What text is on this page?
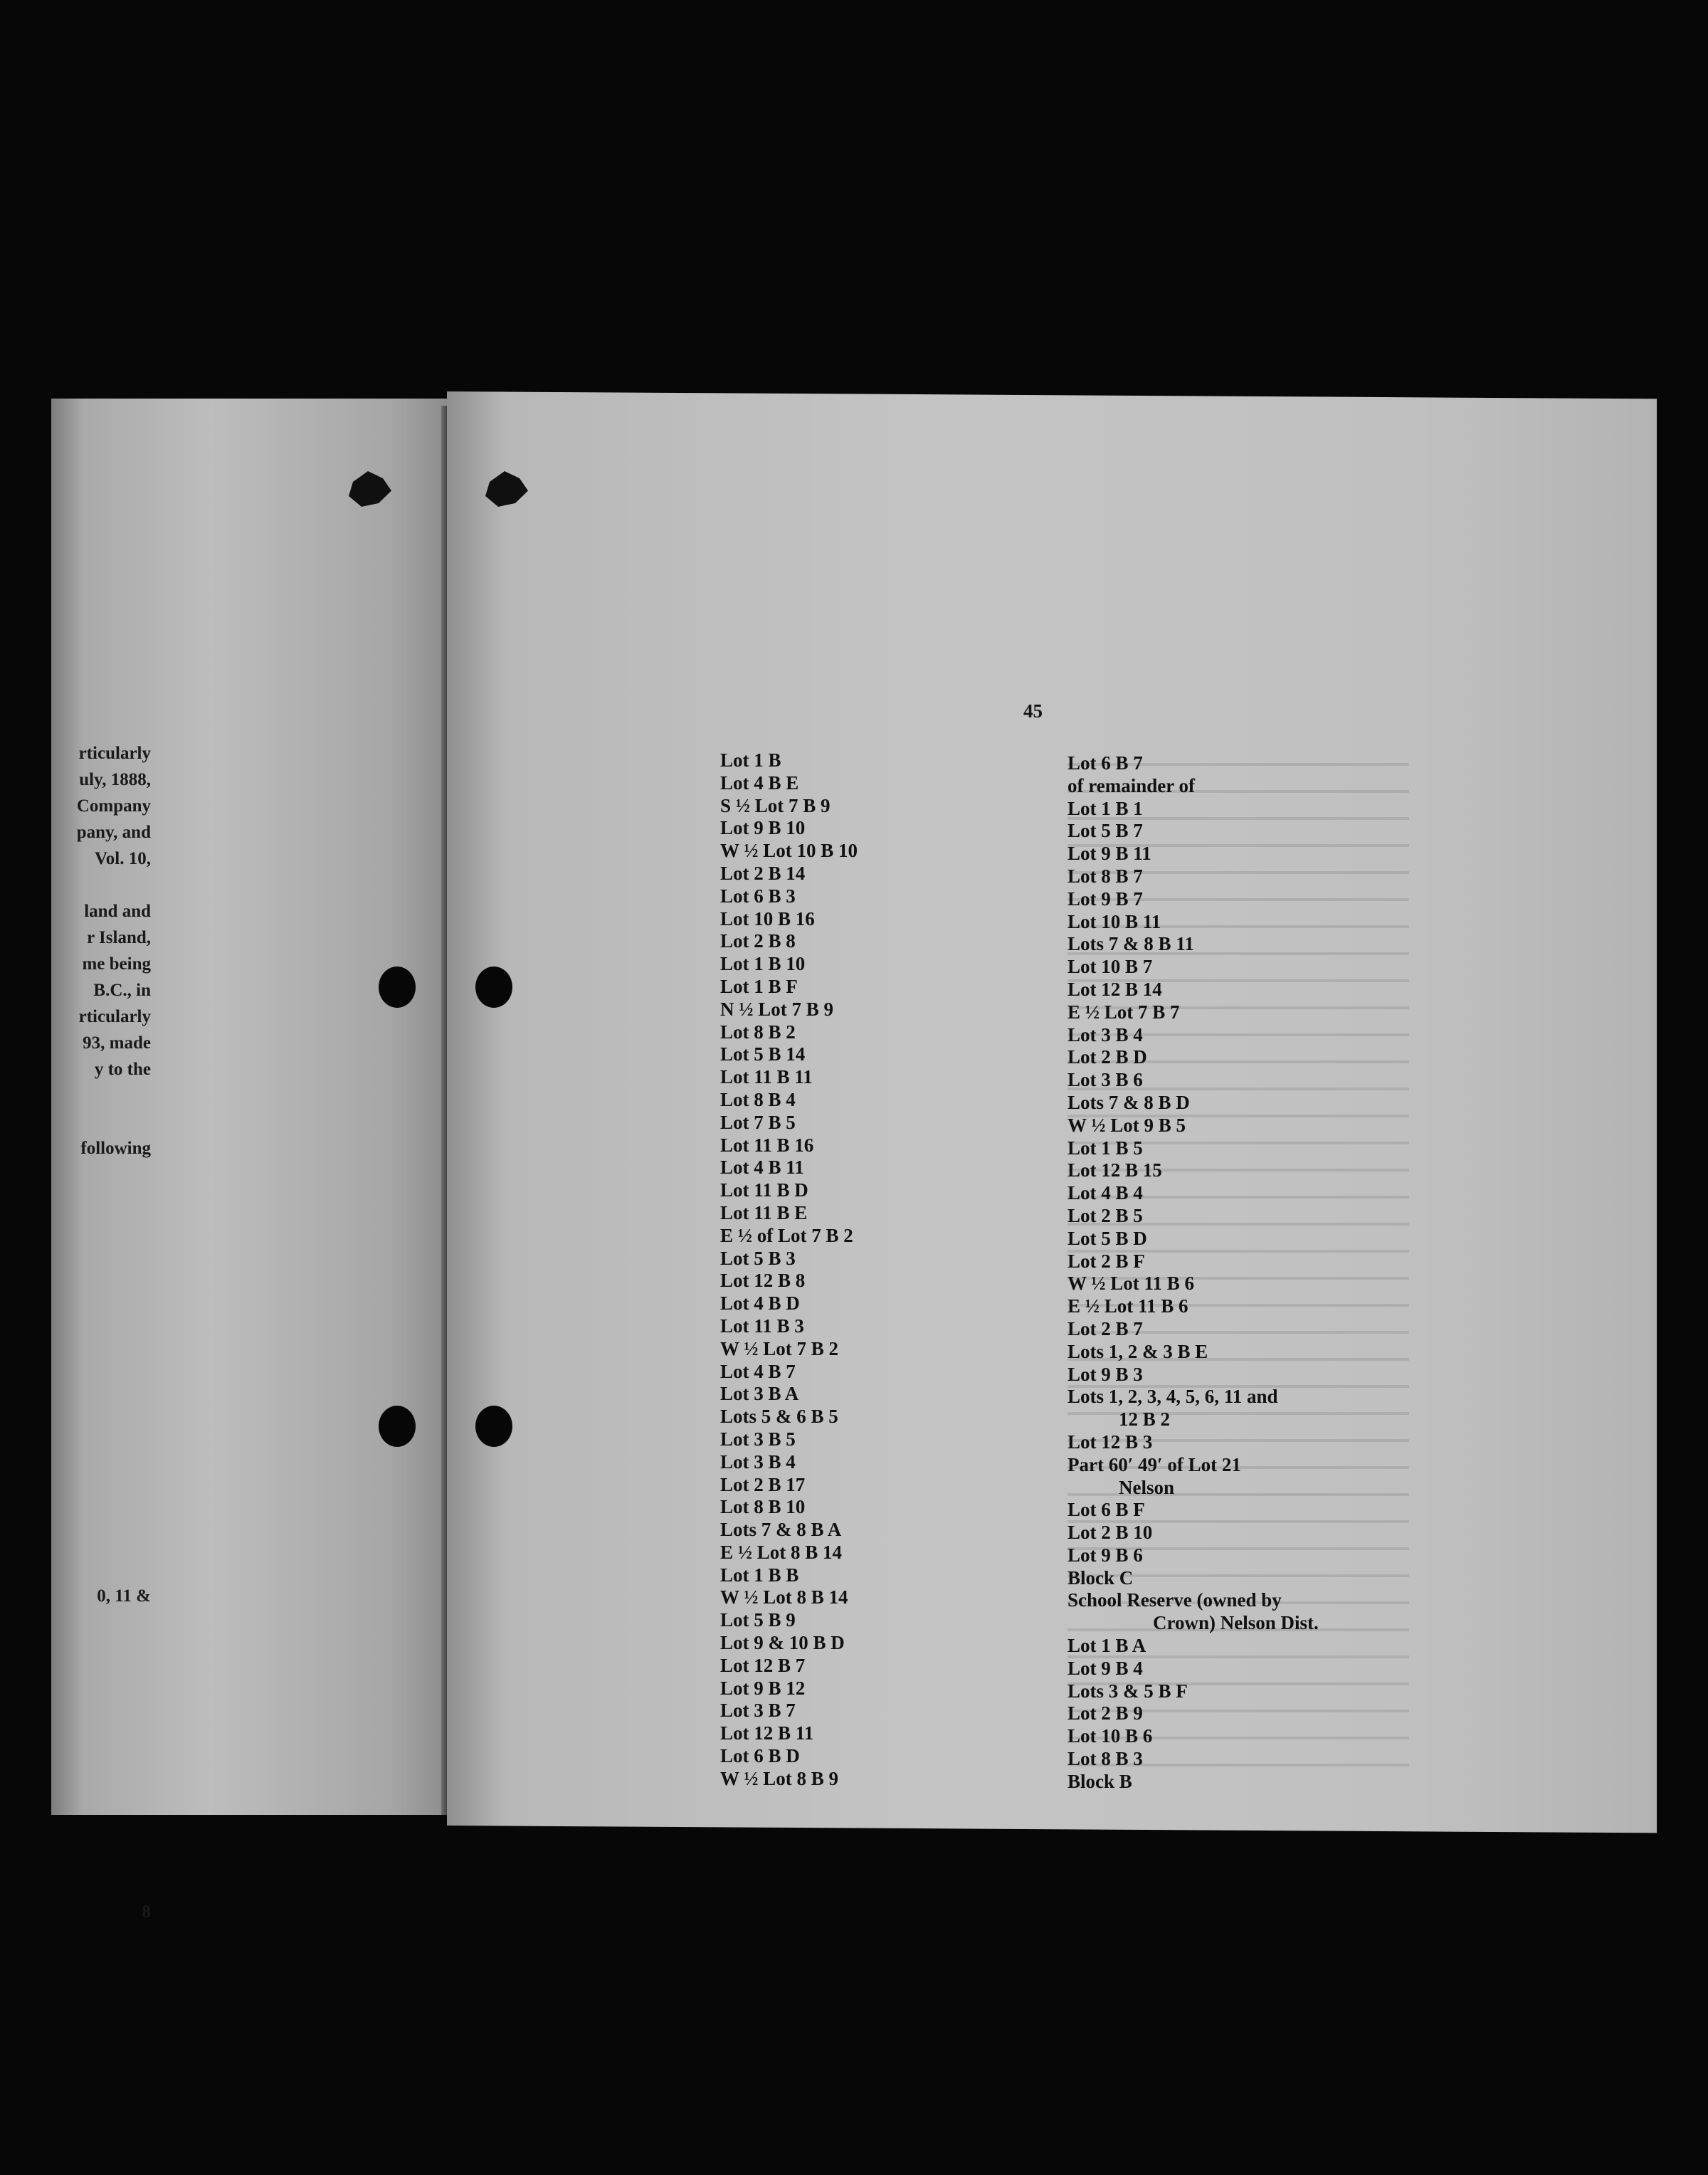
rticularly
uly, 1888,
Company
pany, and
Vol. 10,

land and
r Island,
me being
B.C., in
rticularly
93, made
y to the

following

0, 11 &

8
45
Lot 1 B
Lot 4 B E
S ½ Lot 7 B 9
Lot 9 B 10
W ½ Lot 10 B 10
Lot 2 B 14
Lot 6 B 3
Lot 10 B 16
Lot 2 B 8
Lot 1 B 10
Lot 1 B F
N ½ Lot 7 B 9
Lot 8 B 2
Lot 5 B 14
Lot 11 B 11
Lot 8 B 4
Lot 7 B 5
Lot 11 B 16
Lot 4 B 11
Lot 11 B D
Lot 11 B E
E ½ of Lot 7 B 2
Lot 5 B 3
Lot 12 B 8
Lot 4 B D
Lot 11 B 3
W ½ Lot 7 B 2
Lot 4 B 7
Lot 3 B A
Lots 5 & 6 B 5
Lot 3 B 5
Lot 3 B 4
Lot 2 B 17
Lot 8 B 10
Lots 7 & 8 B A
E ½ Lot 8 B 14
Lot 1 B B
W ½ Lot 8 B 14
Lot 5 B 9
Lot 9 & 10 B D
Lot 12 B 7
Lot 9 B 12
Lot 3 B 7
Lot 12 B 11
Lot 6 B D
W ½ Lot 8 B 9
Lot 6 B 7
of remainder of
Lot 1 B 1
Lot 5 B 7
Lot 9 B 11
Lot 8 B 7
Lot 9 B 7
Lot 10 B 11
Lots 7 & 8 B 11
Lot 10 B 7
Lot 12 B 14
E ½ Lot 7 B 7
Lot 3 B 4
Lot 2 B D
Lot 3 B 6
Lots 7 & 8 B D
W ½ Lot 9 B 5
Lot 1 B 5
Lot 12 B 15
Lot 4 B 4
Lot 2 B 5
Lot 5 B D
Lot 2 B F
W ½ Lot 11 B 6
E ½ Lot 11 B 6
Lot 2 B 7
Lots 1, 2 & 3 B E
Lot 9 B 3
Lots 1, 2, 3, 4, 5, 6, 11 and
12 B 2
Lot 12 B 3
Part 60′ 49′ of Lot 21
Nelson
Lot 6 B F
Lot 2 B 10
Lot 9 B 6
Block C
School Reserve (owned by
Crown) Nelson Dist.
Lot 1 B A
Lot 9 B 4
Lots 3 & 5 B F
Lot 2 B 9
Lot 10 B 6
Lot 8 B 3
Block B
